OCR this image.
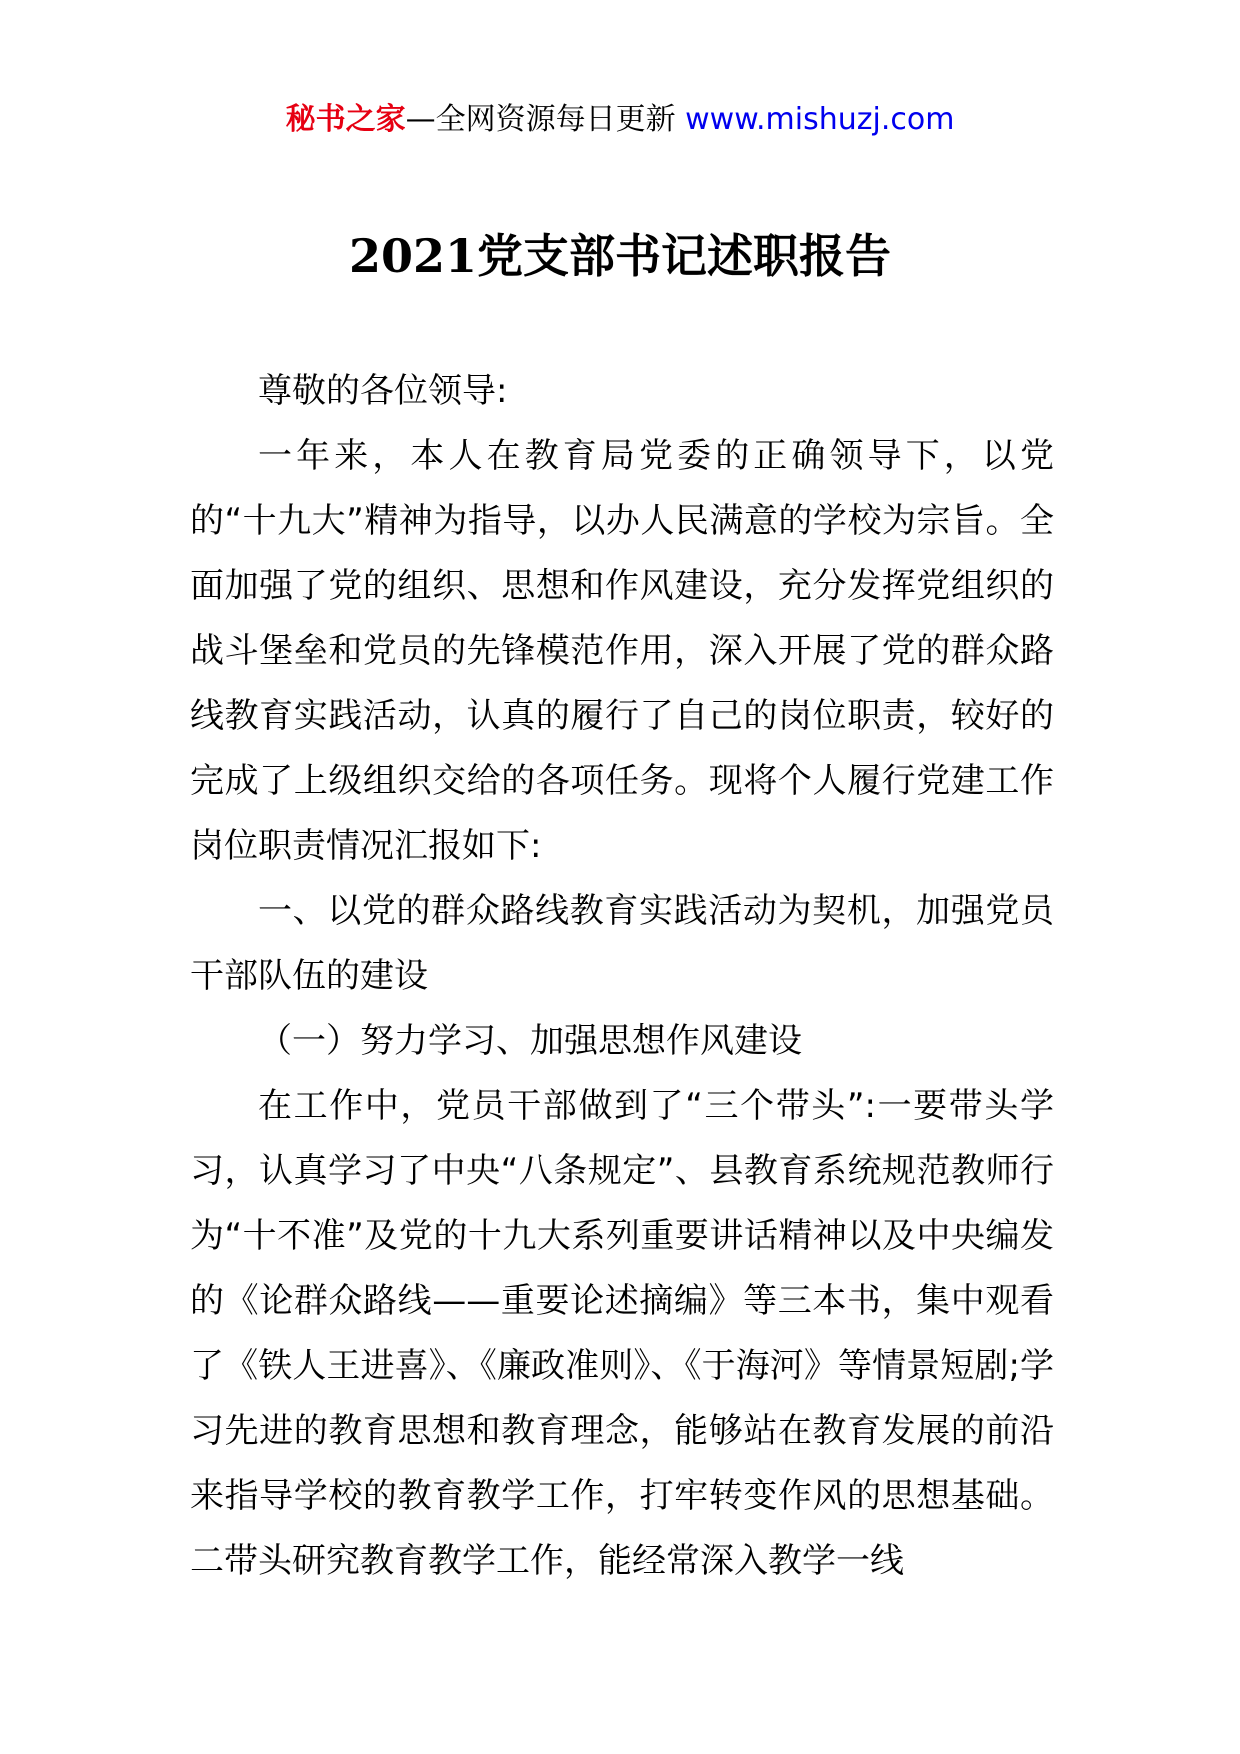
秘书之家—全网资源每日更新 www.mishuzj.com
2021党支部书记述职报告

尊敬的各位领导:

一年来，本人在教育局党委的正确领导下，以党的“十九大”精神为指导，以办人民满意的学校为宗旨。全面加强了党的组织、思想和作风建设，充分发挥党组织的战斗堡垒和党员的先锋模范作用，深入开展了党的群众路线教育实践活动，认真的履行了自己的岗位职责，较好的完成了上级组织交给的各项任务。现将个人履行党建工作岗位职责情况汇报如下:

一、以党的群众路线教育实践活动为契机，加强党员干部队伍的建设

（一）努力学习、加强思想作风建设

在工作中，党员干部做到了“三个带头”:一要带头学习，认真学习了中央“八条规定”、县教育系统规范教师行为“十不准”及党的十九大系列重要讲话精神以及中央编发的《论群众路线——重要论述摘编》等三本书，集中观看了《铁人王进喜》、《廉政准则》、《于海河》等情景短剧;学习先进的教育思想和教育理念，能够站在教育发展的前沿来指导学校的教育教学工作，打牢转变作风的思想基础。二带头研究教育教学工作，能经常深入教学一线
